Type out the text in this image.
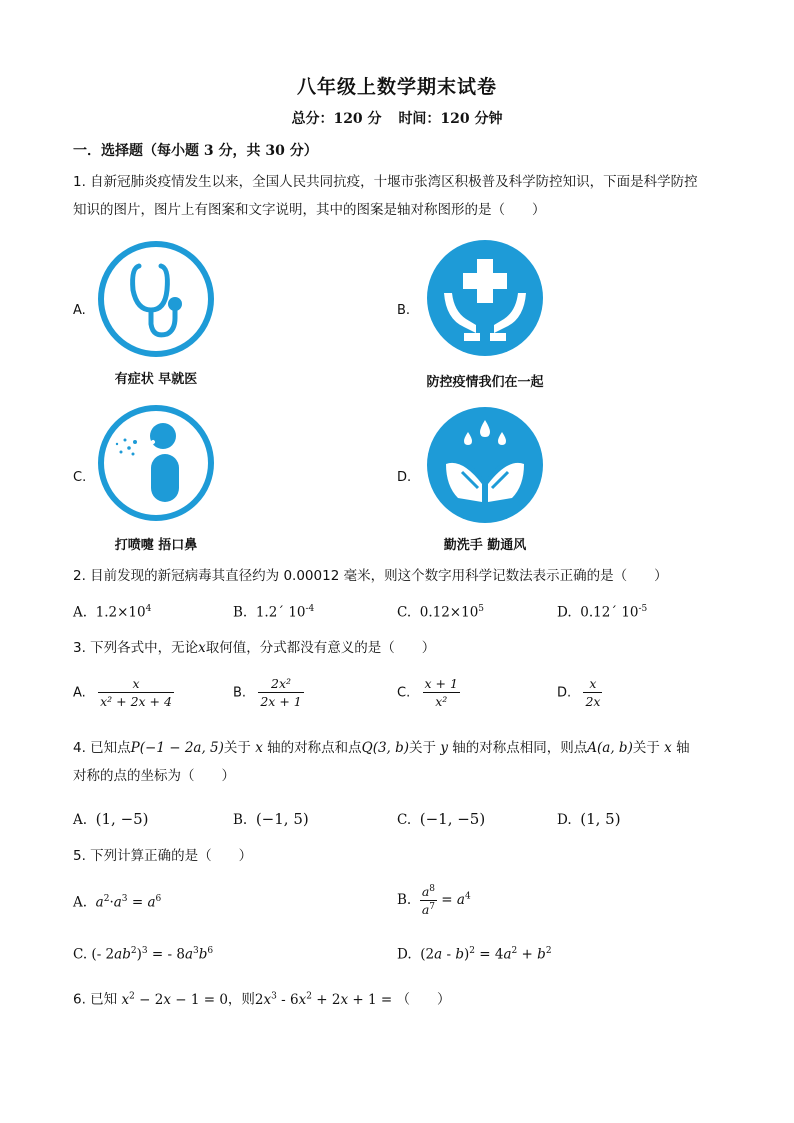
八年级上数学期末试卷
总分：120 分 时间：120 分钟
一．选择题（每小题 3 分，共 30 分）
1. 自新冠肺炎疫情发生以来，全国人民共同抗疫，十堰市张湾区积极普及科学防控知识，下面是科学防控
知识的图片，图片上有图案和文字说明，其中的图案是轴对称图形的是（　　）
A.
有症状 早就医
B.
防控疫情我们在一起
C.
打喷嚏 捂口鼻
D.
勤洗手 勤通风
2. 目前发现的新冠病毒其直径约为 0.00012 毫米，则这个数字用科学记数法表示正确的是（　　）
A. $1.2\times 10^4$	B. 1.2´ $10^{-4}$	C. $0.12\times 10^5$	D. 0.12´ $10^{-5}$
3. 下列各式中，无论x取何值，分式都没有意义的是（　　）
A. $\frac{x}{\text{x² + 2x + 4}}$	B. $\frac{\text{2x²}}{2x + 1}$	C. $\frac{x + 1}{\text{x²}}$	D. $\frac{x}{2x}$
4. 已知点P(−1 − 2a, 5)关于 x 轴的对称点和点Q(3, b)关于 y 轴的对称点相同，则点A(a, b)关于 x 轴
对称的点的坐标为（　　）
A. (1, −5)	B. (−1, 5)	C. (−1, −5)	D. (1, 5)
5. 下列计算正确的是（　　）
A. $a^2\cdot a^3 = a^6$	B. $\frac{a^8}{a^7} = a^4$
C. (- $2ab^2)^3$ = - $8a^3b^6$	D.  $(2a - b)^2 = 4a^2 + b^2$
6. 已知 $x^2 - 2x - 1 = 0$，则$2x^3 - 6x^2 + 2x + 1$ = （　　）
